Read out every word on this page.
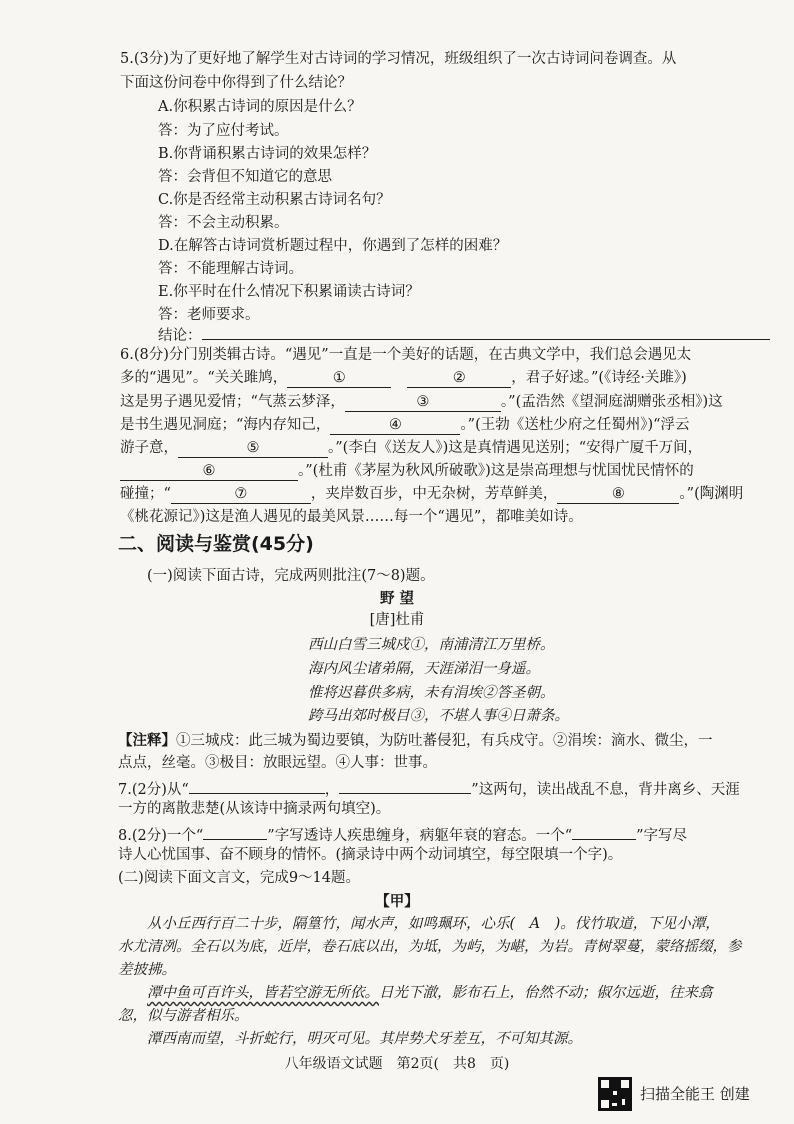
5.(3分)为了更好地了解学生对古诗词的学习情况，班级组织了一次古诗词问卷调查。从
下面这份问卷中你得到了什么结论？
A.你积累古诗词的原因是什么？
答：为了应付考试。
B.你背诵积累古诗词的效果怎样？
答：会背但不知道它的意思
C.你是否经常主动积累古诗词名句？
答：不会主动积累。
D.在解答古诗词赏析题过程中，你遇到了怎样的困难？
答：不能理解古诗词。
E.你平时在什么情况下积累诵读古诗词？
答：老师要求。
结论：
6.(8分)分门别类辑古诗。“遇见”一直是一个美好的话题，在古典文学中，我们总会遇见太
多的“遇见”。“关关雎鸠，	①	②	，君子好逑。”(《诗经·关雎》)
这是男子遇见爱情；“气蒸云梦泽，	③	。”(孟浩然《望洞庭湖赠张丞相》)这
是书生遇见洞庭；“海内存知己，	④	。”(王勃《送杜少府之任蜀州》)“浮云
游子意，	⑤	。”(李白《送友人》)这是真情遇见送别；“安得广厦千万间，
⑥	。”(杜甫《茅屋为秋风所破歌》)这是崇高理想与忧国忧民情怀的
碰撞；“	⑦	，夹岸数百步，中无杂树，芳草鲜美，	⑧	。”(陶渊明
《桃花源记》)这是渔人遇见的最美风景……每一个“遇见”，都唯美如诗。
二、阅读与鉴赏(45分)
(一)阅读下面古诗，完成两则批注(7～8)题。
野 望
[唐]杜甫
西山白雪三城戍①，南浦清江万里桥。
海内风尘诸弟隔，天涯涕泪一身遥。
惟将迟暮供多病，未有涓埃②答圣朝。
跨马出郊时极目③，不堪人事④日萧条。
【注释】①三城戍：此三城为蜀边要镇，为防吐蕃侵犯，有兵戍守。②涓埃：滴水、微尘，一
点点，丝毫。③极目：放眼远望。④人事：世事。
7.(2分)从“	，	”这两句，读出战乱不息，背井离乡、天涯
一方的离散悲楚(从该诗中摘录两句填空)。
8.(2分)一个“	”字写透诗人疾患缠身，病躯年衰的窘态。一个“	”字写尽
诗人心忧国事、奋不顾身的情怀。(摘录诗中两个动词填空，每空限填一个字)。
(二)阅读下面文言文，完成9～14题。
【甲】
从小丘西行百二十步，隔篁竹，闻水声，如鸣珮环，心乐(　A　)。伐竹取道，下见小潭，
水尤清冽。全石以为底，近岸，卷石底以出，为坻，为屿，为嵁，为岩。青树翠蔓，蒙络摇缀，参
差披拂。
潭中鱼可百许头，皆若空游无所依。日光下澈，影布石上，佁然不动；俶尔远逝，往来翕
忽，似与游者相乐。
潭西南而望，斗折蛇行，明灭可见。其岸势犬牙差互，不可知其源。
八年级语文试题　第2页(　共8　页)
扫描全能王 创建
